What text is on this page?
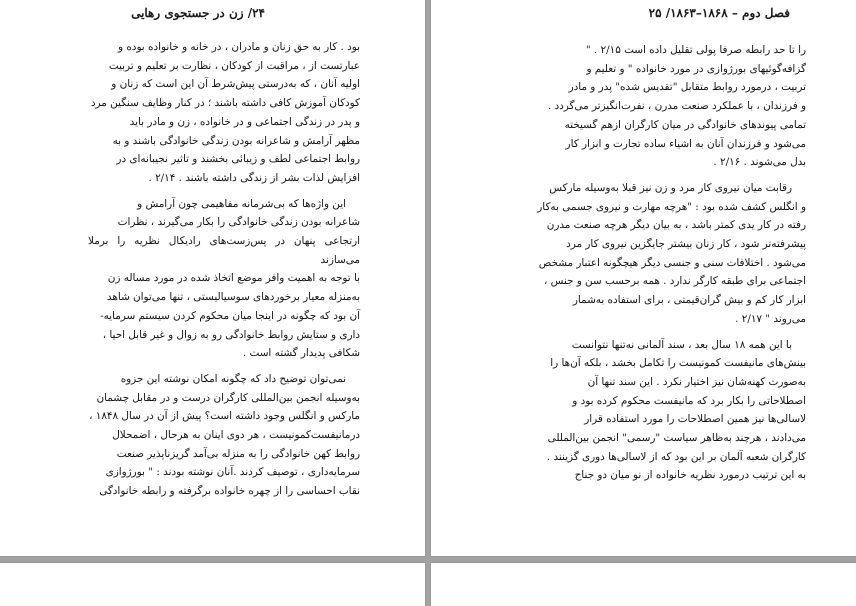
۲۴/ زن در جستجوی رهایی
بود . کار به حق زنان و مادران ، در خانه و خانواده بوده و
عبارتست از ، مراقبت از کودکان ، نظارت بر تعلیم و تربیت
اولیه‌ آنان ، که به‌درستی پیش‌شرط آن این است که زنان و
کودکان آموزش کافی داشته باشند ؛ در کنار وظایف سنگین مرد
و پدر در زندگی اجتماعی و در خانواده ، زن و مادر باید
مظهر آرامش و شاعرانه بودن زندگی خانوادگی باشند و به
روابط اجتماعی لطف و زیبائی بخشند و تاثیر نجیبانه‌ای در
افزایش لذات بشر از زندگی داشته باشند . ۲/۱۴ .
این واژه‌ها که بی‌شرمانه مفاهیمی چون آرامش و
شاعرانه بودن زندگی خانوادگی را بکار می‌گیرند ، نظرات
ارتجاعی پنهان در پس‌زست‌های رادیکال نظریه را برملا می‌سازند
با توجه به اهمیت وافر موضع اتخاذ شده در مورد مساله زن
به‌منزله معیار برخوردهای سوسیالیستی ، تنها می‌توان شاهد
آن بود که چگونه در اینجا میان محکوم کردن سیستم سرمایه‌-
داری و ستایش روابط خانوادگی رو به زوال و غیر قابل احیا ،
شکافی پدیدار گشته است .
نمی‌توان توضیح داد که چگونه امکان نوشته این جزوه
به‌وسیله انجمن بین‌المللی کارگران درست و در مقابل چشمان
مارکس و انگلس وجود داشته است؟ پیش از آن در سال ۱۸۴۸ ،
درمانیفست‌کمونیست ، هر دوی اینان به هرحال ، اضمحلال
روابط کهن خانوادگی را به منزله بی‌آمد گریزناپذیر صنعت
سرمایه‌داری ، توصیف کردند .آنان نوشته بودند : " بورژوازی
نقاب احساسی را از چهره‌ خانواده برگرفته و رابطه‌ خانوادگی
فصل دوم – ۱۸۶۸–۱۸۶۳/ ۲۵
را تا حد رابطه‌ صرفا پولی تقلیل داده است ۲/۱۵ . "
گزافه‌گوئیهای بورژوازی در مورد خانواده " و تعلیم و
تربیت ، درمورد روابط متقابل "تقدیس شده" پدر و مادر
و فرزندان ، با عملکرد صنعت مدرن ، نفرت‌انگیزتر می‌گردد .
تمامی پیوندهای خانوادگی در میان کارگران ازهم گسیخته
می‌شود و فرزندان آنان به اشیاء ساده تجارت و ابزار کار
بدل می‌شوند . ۲/۱۶ .
رقابت میان نیروی کار مرد و زن نیز قبلا به‌وسیله مارکس
و انگلس کشف شده بود : "هرچه مهارت و نیروی جسمی به‌کار
رفته در کار یدی کمتر باشد ، به بیان دیگر هرچه صنعت مدرن
پیشرفته‌تر شود ، کار زنان بیشتر جایگزین نیروی کار مرد
می‌شود . اختلافات سنی و جنسی دیگر هیچگونه اعتبار مشخص
اجتماعی برای طبقه کارگر ندارد . همه برحسب سن و جنس ،
ابزار کار کم و بیش گران‌قیمتی ، برای استفاده به‌شمار
می‌روند " ۲/۱۷ .
با این همه ۱۸ سال بعد ، سند آلمانی نه‌تنها نتوانست
بینش‌های مانیفست کمونیست را تکامل بخشد ، بلکه آن‌ها را
به‌صورت کهنه‌شان نیز اختیار نکرد . این سند تنها آن
اصطلاحاتی را بکار برد که مانیفست محکوم کرده بود و
لاسالی‌ها نیز همین اصطلاحات را مورد استفاده قرار
می‌دادند ، هرچند به‌ظاهر سیاست "رسمی" انجمن بین‌المللی
کارگران شعبه آلمان بر این بود که از لاسالی‌ها دوری گزینند .
به این ترتیب درمورد نظریه خانواده از نو میان دو جناح
